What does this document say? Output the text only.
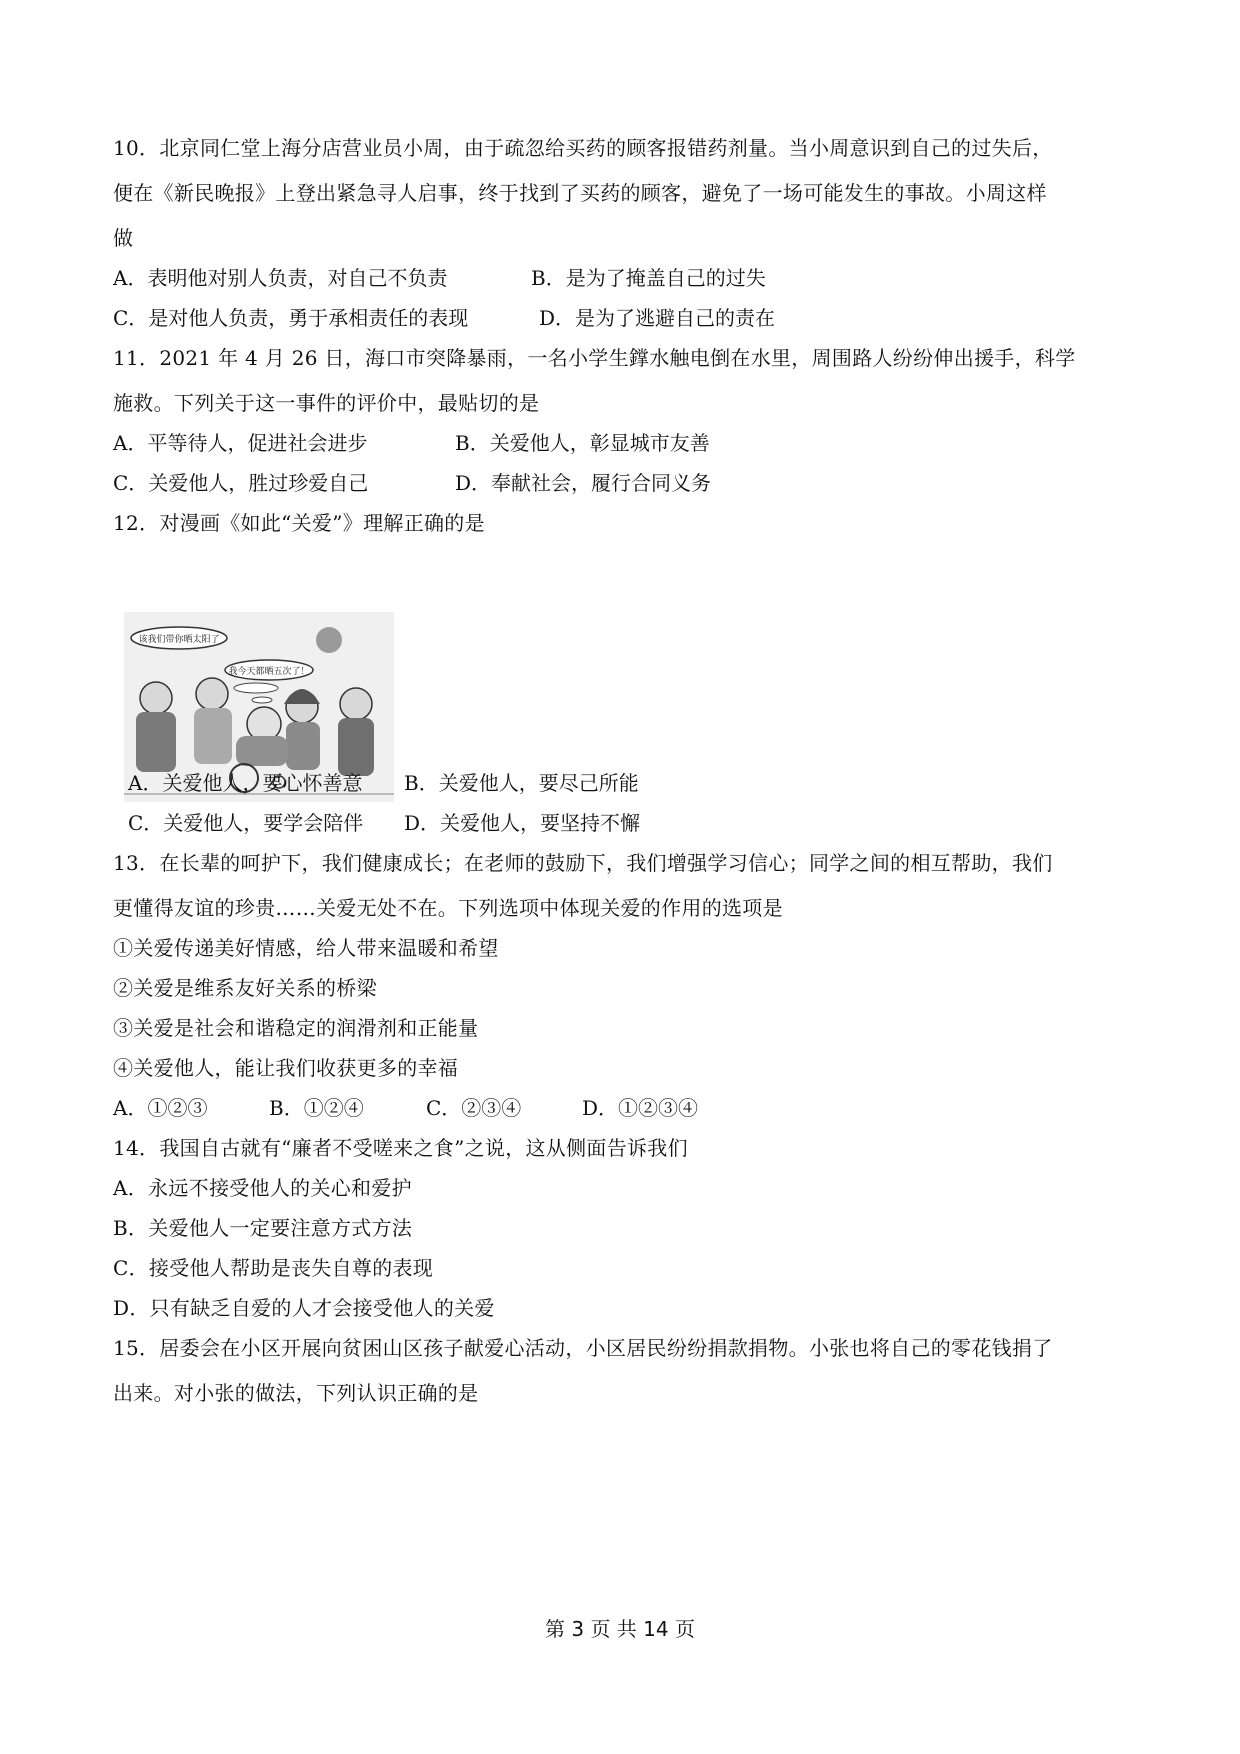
10．北京同仁堂上海分店营业员小周，由于疏忽给买药的顾客报错药剂量。当小周意识到自己的过失后，
便在《新民晚报》上登出紧急寻人启事，终于找到了买药的顾客，避免了一场可能发生的事故。小周这样
做
A．表明他对别人负责，对自己不负责	B．是为了掩盖自己的过失
C．是对他人负责，勇于承相责任的表现	D．是为了逃避自己的责在
11．2021 年 4 月 26 日，海口市突降暴雨，一名小学生鐣水触电倒在水里，周围路人纷纷伸出援手，科学
施救。下列关于这一事件的评价中，最贴切的是
A．平等待人，促进社会进步	B．关爱他人，彰显城市友善
C．关爱他人，胜过珍爱自己	D．奉献社会，履行合同义务
12．对漫画《如此“关爱”》理解正确的是
该我们带你晒太阳了
我今天都晒五次了！
A．关爱他人，要心怀善意 B．关爱他人，要尽己所能
C．关爱他人，要学会陪伴 D．关爱他人，要坚持不懈
13．在长辈的呵护下，我们健康成长；在老师的鼓励下，我们增强学习信心；同学之间的相互帮助，我们
更懂得友谊的珍贵……关爱无处不在。下列选项中体现关爱的作用的选项是
①关爱传递美好情感，给人带来温暖和希望
②关爱是维系友好关系的桥梁
③关爱是社会和谐稳定的润滑剂和正能量
④关爱他人，能让我们收获更多的幸福
A．①②③	B．①②④	C．②③④	D．①②③④
14．我国自古就有“廉者不受嗟来之食”之说，这从侧面告诉我们
A．永远不接受他人的关心和爱护
B．关爱他人一定要注意方式方法
C．接受他人帮助是丧失自尊的表现
D．只有缺乏自爱的人才会接受他人的关爱
15．居委会在小区开展向贫困山区孩子献爱心活动，小区居民纷纷捐款捐物。小张也将自己的零花钱捐了
出来。对小张的做法，下列认识正确的是
第 3 页 共 14 页
